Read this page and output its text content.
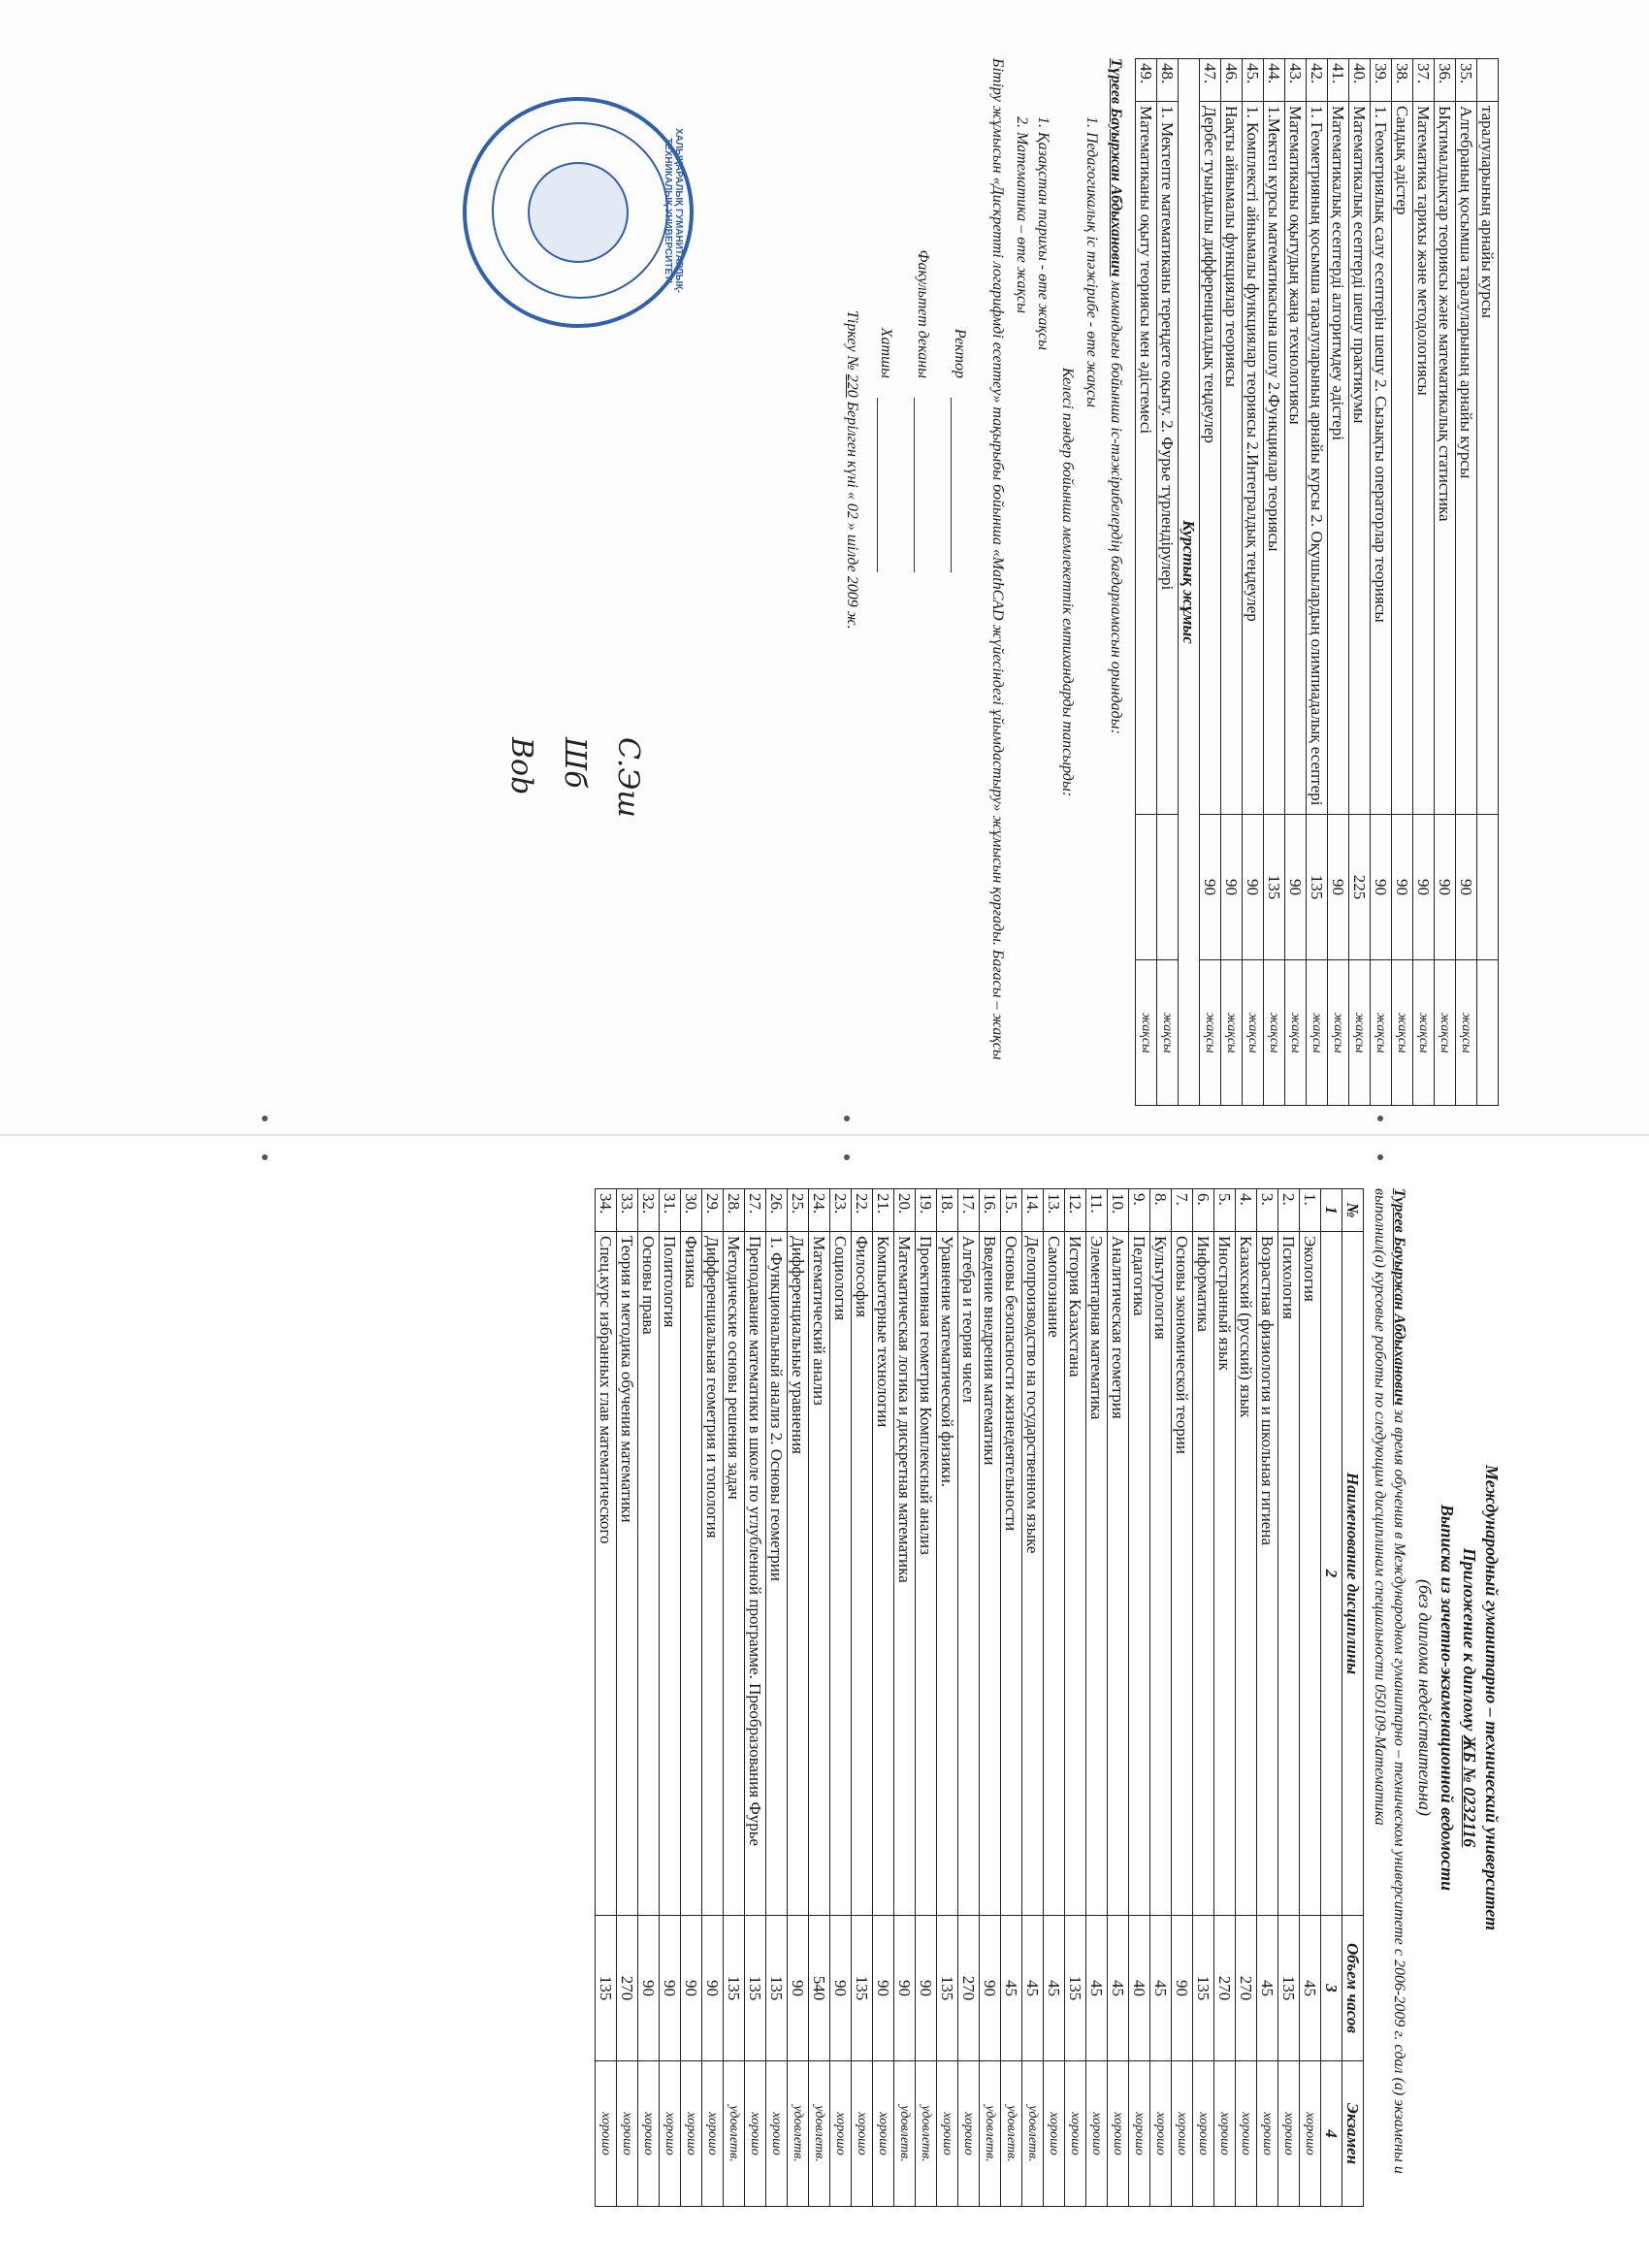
	таралуларының арнайы курсы		
35.	Алгебраның қосымша таралуларының арнайы курсы	90	жақсы
36.	Ықтималдықтар теориясы және математикалық статистика	90	жақсы
37.	Математика тарихы және методологиясы	90	жақсы
38.	Сандық әдістер	90	жақсы
39.	1. Геометриялық салу есептерін шешу 2. Сызықты операторлар теориясы	90	жақсы
40.	Математикалық есептерді шешу практикумы	225	жақсы
41.	Математикалық есептерді алгоритмдеу әдістері	90	жақсы
42.	1. Геометрияның қосымша таралуларының арнайы курсы 2. Оқушылардың олимпиадалық есептері	135	жақсы
43.	Математиканы оқытудың жаңа технологиясы	90	жақсы
44.	1.Мектеп курсы математикасына шолу 2.Функциялар теориясы	135	жақсы
45.	1. Комплексті айнымалы функциялар теориясы 2.Интегралдық теңдеулер	90	жақсы
46.	Нақты айнымалы функциялар теориясы	90	жақсы
47.	Дербес туындылы дифференциалдық теңдеулер	90	жақсы
Курстық жұмыс			
48.	1. Мектепте математиканы тереңдете оқыту. 2. Фурье түрлендірулері		жақсы
49.	Математиканы оқыту теориясы мен әдістемесі		жақсы
Түреев Бауыржан Абдыханович мамандығы бойынша іс-тәжірибелердің бағдарламасын орындады:
1. Педагогикалық іс тәжірибе - өте жақсы
Келесі пәндер бойынша мемлекеттік емтихандарды тапсырды:
1. Қазақстан тарихы - өте жақсы
2. Математика – өте жақсы
Бітіру жұмысын «Дискретті логарифмді есептеу» тақырыбы бойынша «MathCAD жүйесіндегі ұйымдастыру» жұмысын қорғады. Бағасы – жақсы
Ректор
Факультет деканы
Хатшы
Тіркеу № 220 Берілген күні « 02 » шілде 2009 ж.
ХАЛЫҚАРАЛЫҚ ГУМАНИТАРЛЫҚ-ТЕХНИКАЛЫҚ УНИВЕРСИТЕТІ
C.Эш
Шб
Bob
Международный гуманитарно – технический университет
Приложение к диплому ЖБ № 0232116
Выписка из зачетно-экзаменационной ведомости
(без диплома недействительна)
Туреев Бауыржан Абдыханович за время обучения в Международном гуманитарно – техническом университете с 2006-2009 г. сдал (а) экзамены и выполнил(а) курсовые работы по следующим дисциплинам специальности 050109-Математика
№	Наименование дисциплины	Объем часов	Экзамен
1	2	3	4
1.	Экология	45	хорошо
2.	Психология	135	хорошо
3.	Возрастная физиология и школьная гигиена	45	хорошо
4.	Казахский (русский) язык	270	хорошо
5.	Иностранный язык	270	хорошо
6.	Информатика	135	хорошо
7.	Основы экономической теории	90	хорошо
8.	Культурология	45	хорошо
9.	Педагогика	40	хорошо
10.	Аналитическая геометрия	45	хорошо
11.	Элементарная математика	45	хорошо
12.	История Казахстана	135	хорошо
13.	Самопознание	45	хорошо
14.	Делопроизводство на государственном языке	45	удовлетв.
15.	Основы безопасности жизнедеятельности	45	удовлетв.
16.	Введение внедрения математики	90	удовлетв.
17.	Алгебра и теория чисел	270	хорошо
18.	Уравнение математической физики.	135	хорошо
19.	Проективная геометрия Комплексный анализ	90	удовлетв.
20.	Математическая логика и дискретная математика	90	удовлетв.
21.	Компьютерные технологии	90	хорошо
22.	Философия	135	хорошо
23.	Социология	90	хорошо
24.	Математический анализ	540	удовлетв.
25.	Дифференциальные уравнения	90	удовлетв.
26.	1. Функциональный анализ 2. Основы геометрии	135	хорошо
27.	Преподавание математики в школе по углубленной программе. Преобразования Фурье	135	хорошо
28.	Методические основы решения задач	135	удовлетв.
29.	Дифференциальная геометрия и топология	90	хорошо
30.	Физика	90	хорошо
31.	Политология	90	хорошо
32.	Основы права	90	хорошо
33.	Теория и методика обучения математики	270	хорошо
34.	Спец.курс избранных глав математического	135	хорошо
